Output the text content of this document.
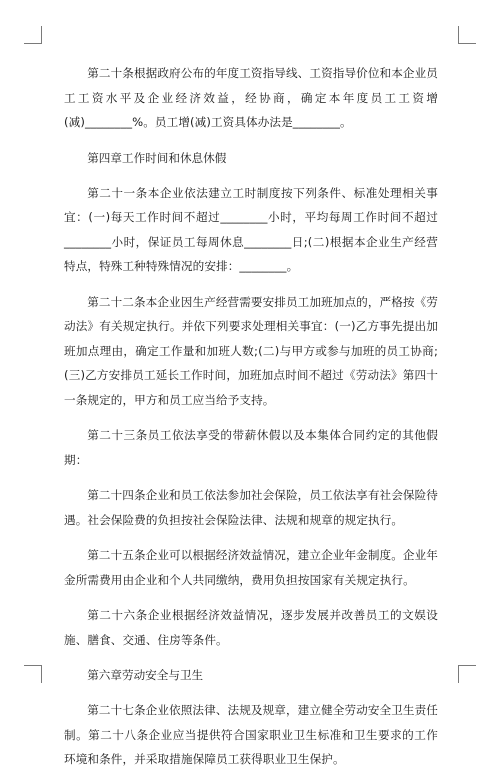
第二十条根据政府公布的年度工资指导线、工资指导价位和本企业员工工资水平及企业经济效益，经协商，确定本年度员工工资增(减)________%。员工增(减)工资具体办法是________。

第四章工作时间和休息休假

第二十一条本企业依法建立工时制度按下列条件、标准处理相关事宜：(一)每天工作时间不超过________小时，平均每周工作时间不超过________小时，保证员工每周休息________日;(二)根据本企业生产经营特点，特殊工种特殊情况的安排：________。

第二十二条本企业因生产经营需要安排员工加班加点的，严格按《劳动法》有关规定执行。并依下列要求处理相关事宜：(一)乙方事先提出加班加点理由，确定工作量和加班人数;(二)与甲方或参与加班的员工协商;(三)乙方安排员工延长工作时间，加班加点时间不超过《劳动法》第四十一条规定的，甲方和员工应当给予支持。

第二十三条员工依法享受的带薪休假以及本集体合同约定的其他假期：

第二十四条企业和员工依法参加社会保险，员工依法享有社会保险待遇。社会保险费的负担按社会保险法律、法规和规章的规定执行。

第二十五条企业可以根据经济效益情况，建立企业年金制度。企业年金所需费用由企业和个人共同缴纳，费用负担按国家有关规定执行。

第二十六条企业根据经济效益情况，逐步发展并改善员工的文娱设施、膳食、交通、住房等条件。

第六章劳动安全与卫生

第二十七条企业依照法律、法规及规章，建立健全劳动安全卫生责任制。第二十八条企业应当提供符合国家职业卫生标准和卫生要求的工作环境和条件，并采取措施保障员工获得职业卫生保护。
